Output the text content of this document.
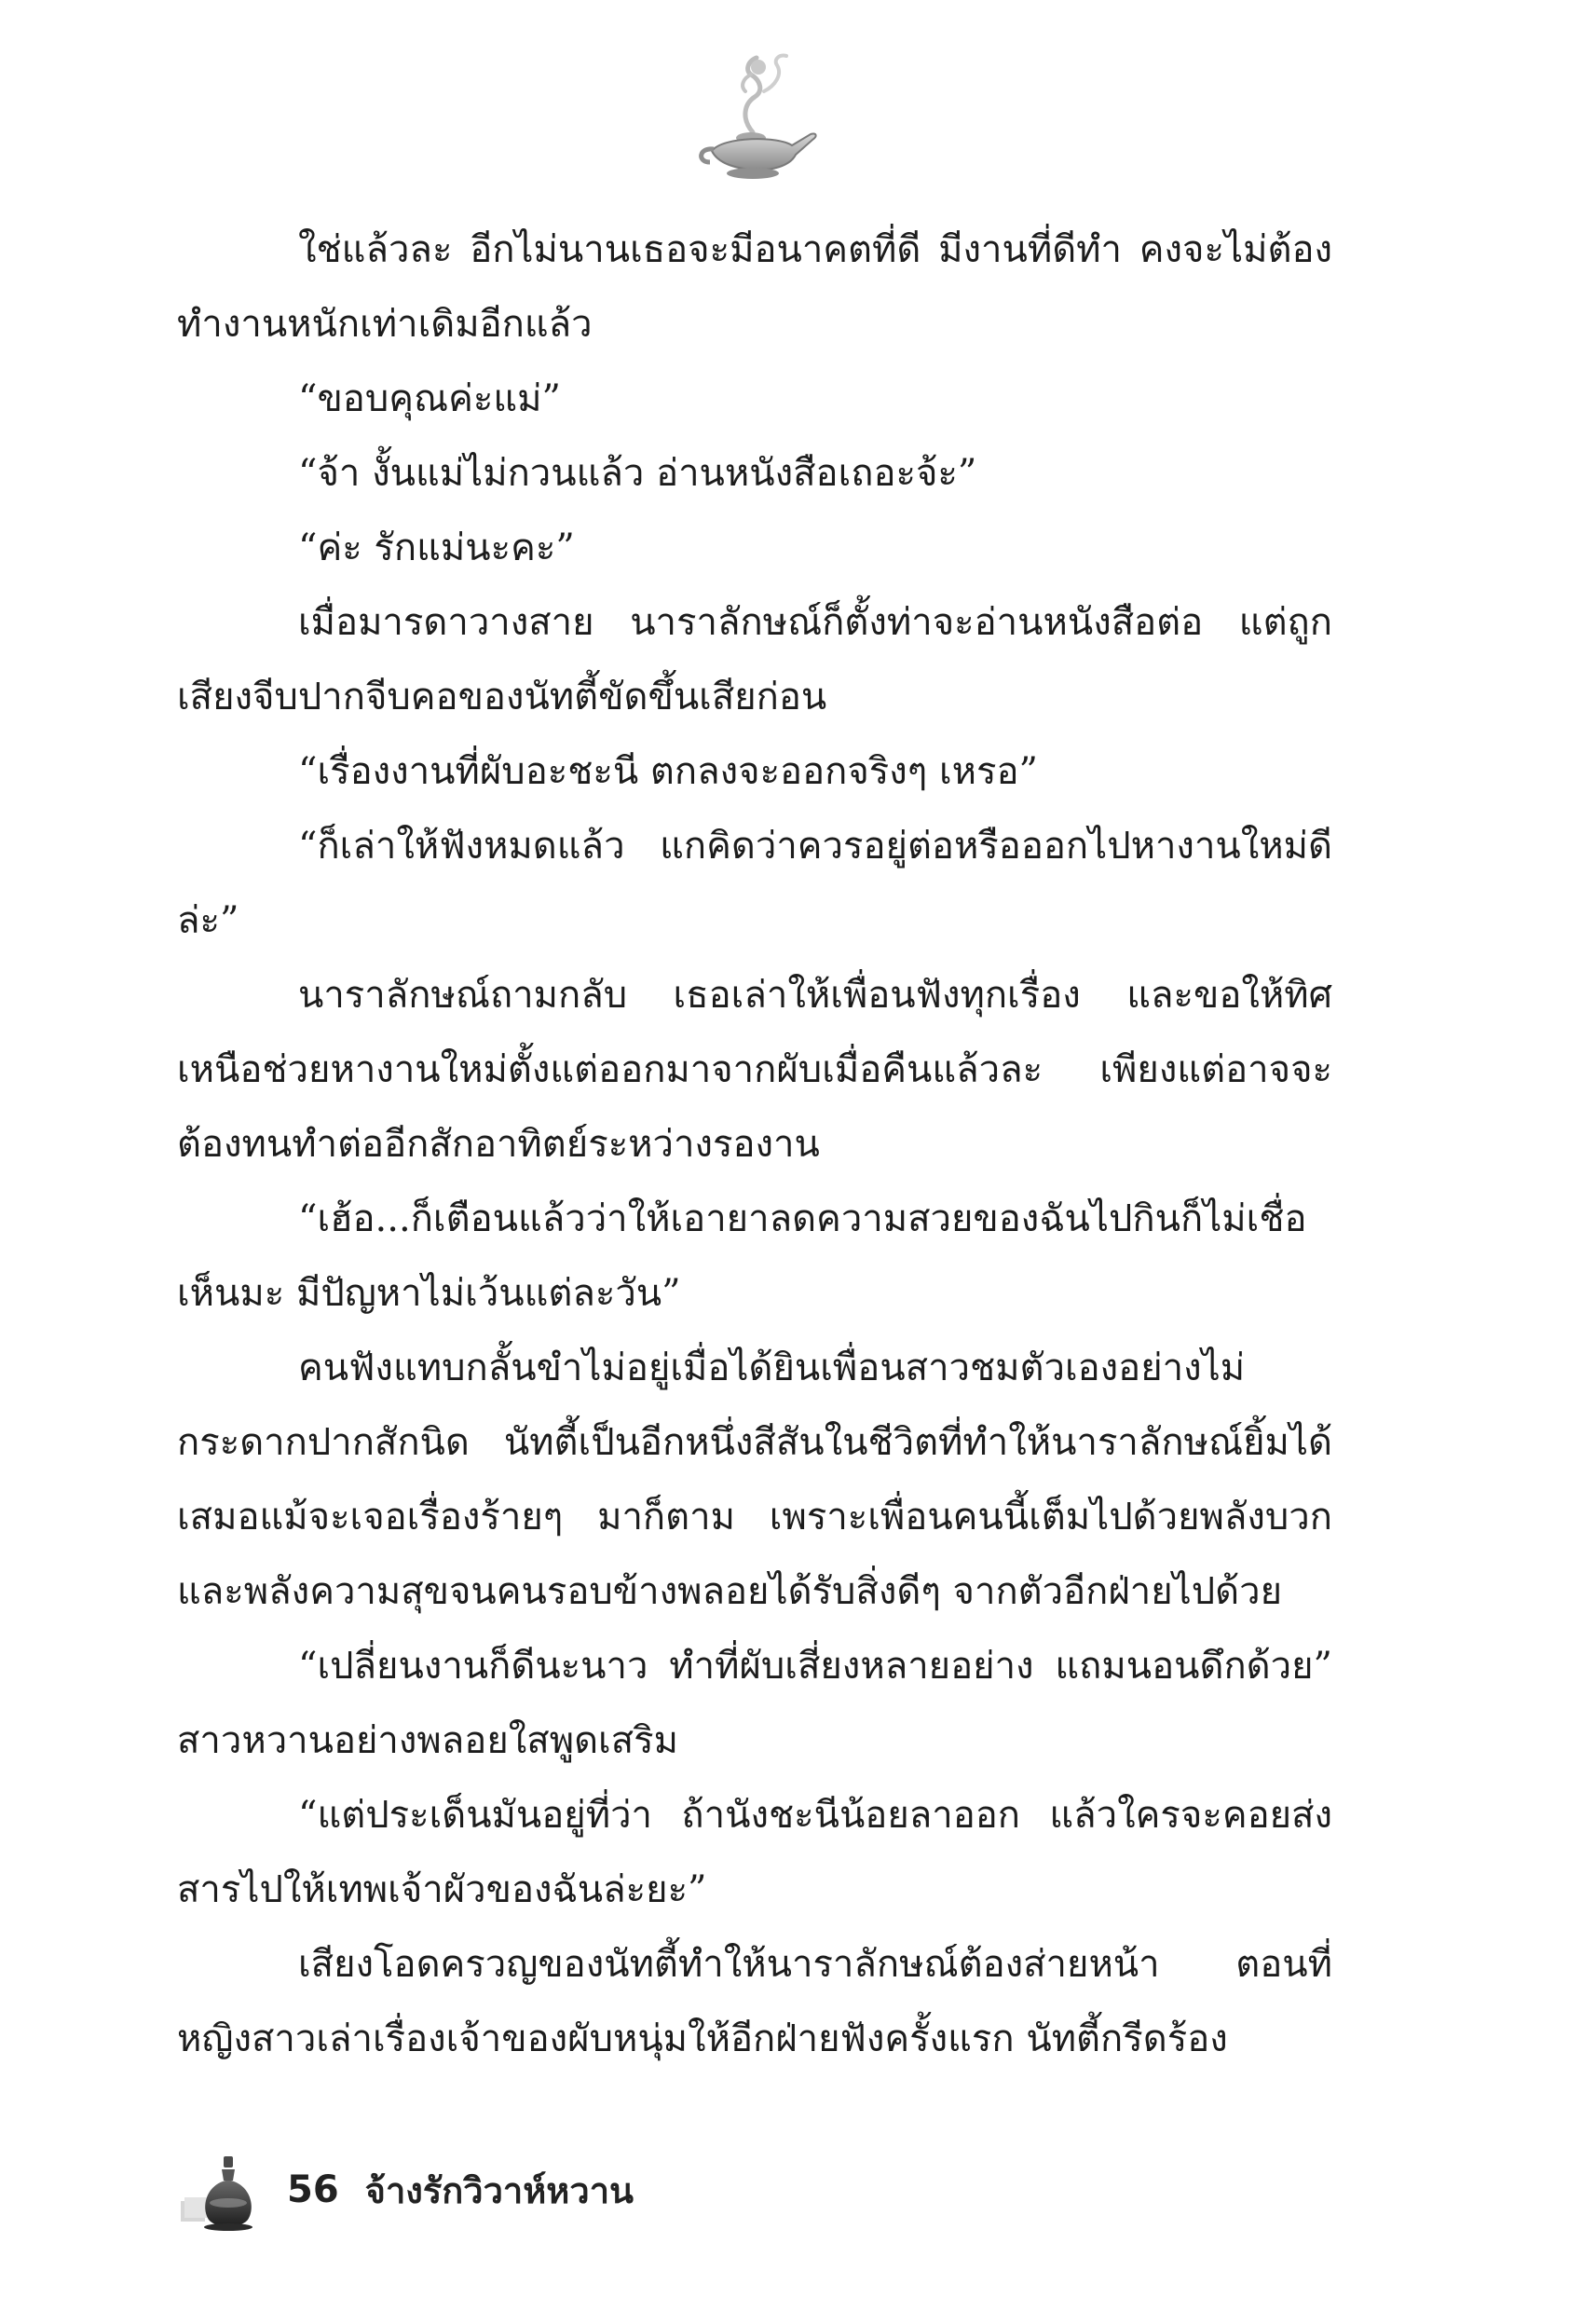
ใช่แล้วละ อีกไม่นานเธอจะมีอนาคตที่ดี มีงานที่ดีทำ คงจะไม่ต้องทำงานหนักเท่าเดิมอีกแล้ว

“ขอบคุณค่ะแม่”

“จ้า งั้นแม่ไม่กวนแล้ว อ่านหนังสือเถอะจ้ะ”

“ค่ะ รักแม่นะคะ”

เมื่อมารดาวางสาย นาราลักษณ์ก็ตั้งท่าจะอ่านหนังสือต่อ แต่ถูกเสียงจีบปากจีบคอของนัทตี้ขัดขึ้นเสียก่อน

“เรื่องงานที่ผับอะชะนี ตกลงจะออกจริงๆ เหรอ”

“ก็เล่าให้ฟังหมดแล้ว แกคิดว่าควรอยู่ต่อหรือออกไปหางานใหม่ดีล่ะ”

นาราลักษณ์ถามกลับ เธอเล่าให้เพื่อนฟังทุกเรื่อง และขอให้ทิศเหนือช่วยหางานใหม่ตั้งแต่ออกมาจากผับเมื่อคืนแล้วละ เพียงแต่อาจจะต้องทนทำต่ออีกสักอาทิตย์ระหว่างรองาน

“เฮ้อ...ก็เตือนแล้วว่าให้เอายาลดความสวยของฉันไปกินก็ไม่เชื่อเห็นมะ มีปัญหาไม่เว้นแต่ละวัน”

คนฟังแทบกลั้นขำไม่อยู่เมื่อได้ยินเพื่อนสาวชมตัวเองอย่างไม่กระดากปากสักนิด นัทตี้เป็นอีกหนึ่งสีสันในชีวิตที่ทำให้นาราลักษณ์ยิ้มได้เสมอแม้จะเจอเรื่องร้ายๆ มาก็ตาม เพราะเพื่อนคนนี้เต็มไปด้วยพลังบวกและพลังความสุขจนคนรอบข้างพลอยได้รับสิ่งดีๆ จากตัวอีกฝ่ายไปด้วย

“เปลี่ยนงานก็ดีนะนาว ทำที่ผับเสี่ยงหลายอย่าง แถมนอนดึกด้วย” สาวหวานอย่างพลอยใสพูดเสริม

“แต่ประเด็นมันอยู่ที่ว่า ถ้านังชะนีน้อยลาออก แล้วใครจะคอยส่งสารไปให้เทพเจ้าผัวของฉันล่ะยะ”

เสียงโอดครวญของนัทตี้ทำให้นาราลักษณ์ต้องส่ายหน้า ตอนที่หญิงสาวเล่าเรื่องเจ้าของผับหนุ่มให้อีกฝ่ายฟังครั้งแรก นัทตี้กรีดร้อง

56 จ้างรักวิวาห์หวาน
